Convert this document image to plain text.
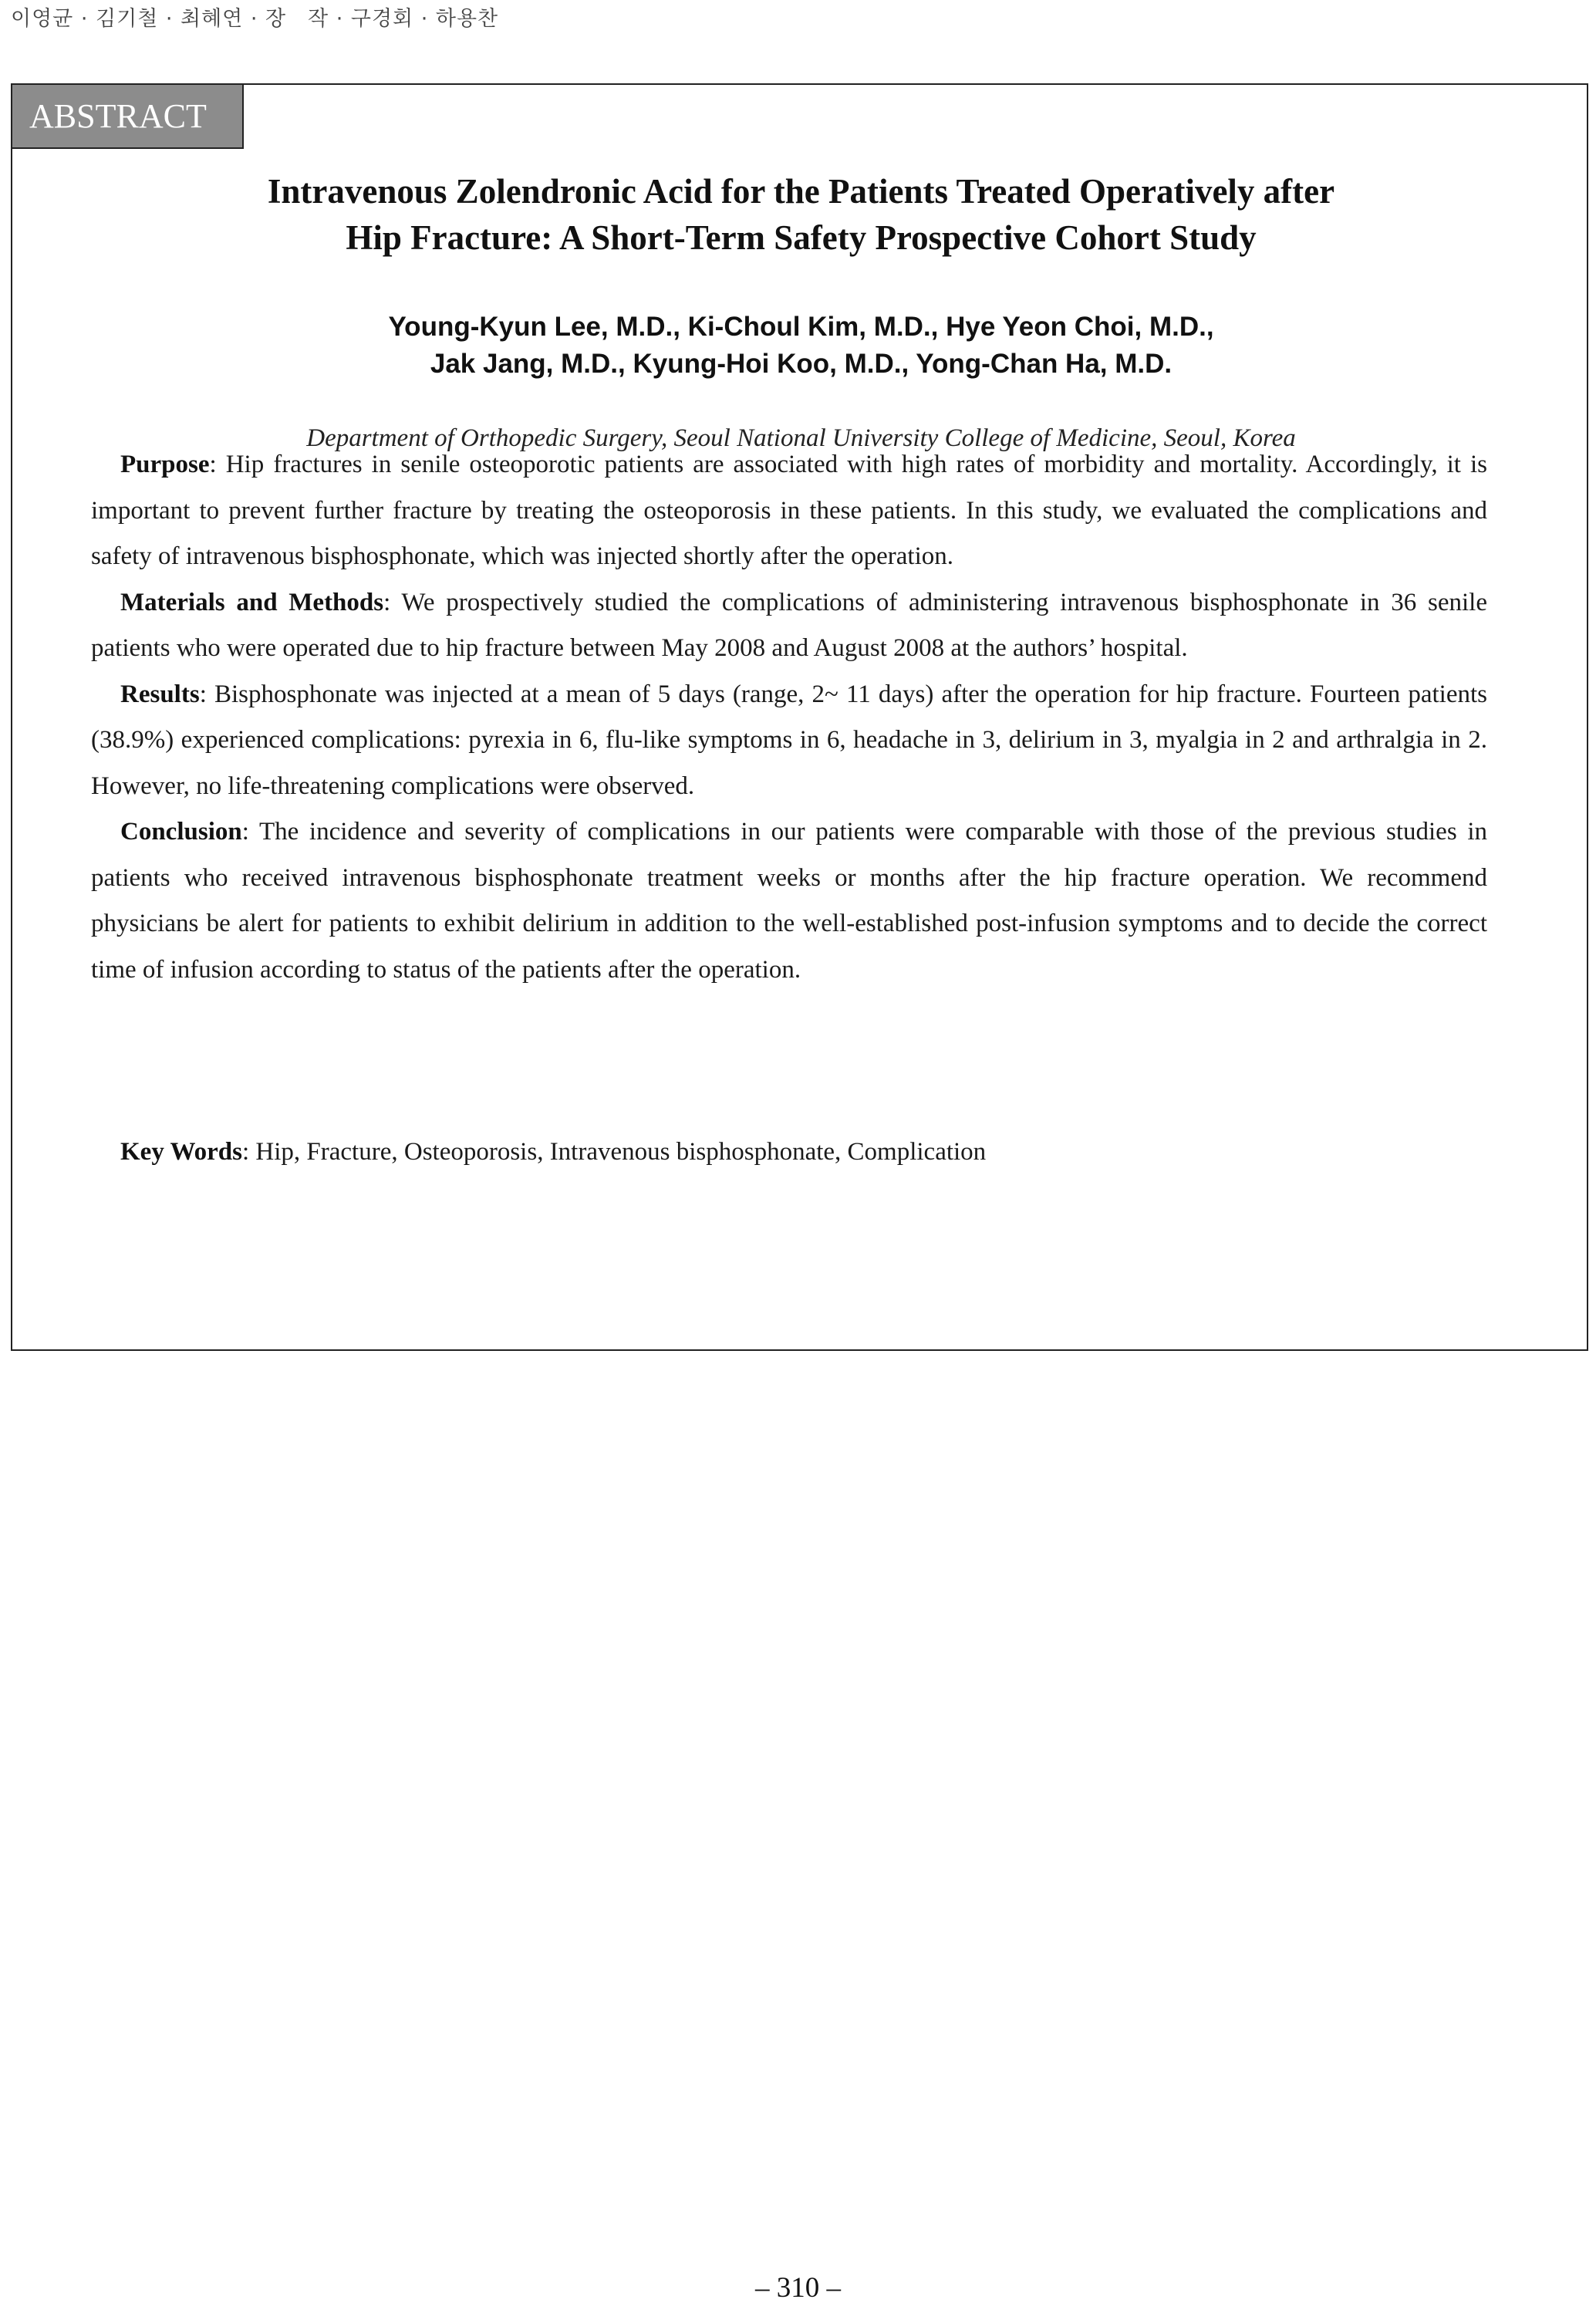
이영균 · 김기철 · 최혜연 · 장　작 · 구경회 · 하용찬
ABSTRACT
Intravenous Zolendronic Acid for the Patients Treated Operatively after
Hip Fracture: A Short-Term Safety Prospective Cohort Study
Young-Kyun Lee, M.D., Ki-Choul Kim, M.D., Hye Yeon Choi, M.D.,
Jak Jang, M.D., Kyung-Hoi Koo, M.D., Yong-Chan Ha, M.D.
Department of Orthopedic Surgery, Seoul National University College of Medicine, Seoul, Korea

Purpose: Hip fractures in senile osteoporotic patients are associated with high rates of morbidity and mortality. Accordingly, it is important to prevent further fracture by treating the osteoporosis in these patients. In this study, we evaluated the complications and safety of intravenous bisphosphonate, which was injected shortly after the operation.

Materials and Methods: We prospectively studied the complications of administering intravenous bisphosphonate in 36 senile patients who were operated due to hip fracture between May 2008 and August 2008 at the authors’ hospital.

Results: Bisphosphonate was injected at a mean of 5 days (range, 2~ 11 days) after the operation for hip fracture. Fourteen patients (38.9%) experienced complications: pyrexia in 6, flu-like symptoms in 6, headache in 3, delirium in 3, myalgia in 2 and arthralgia in 2. However, no life-threatening complications were observed.

Conclusion: The incidence and severity of complications in our patients were comparable with those of the previous studies in patients who received intravenous bisphosphonate treatment weeks or months after the hip fracture operation. We recommend physicians be alert for patients to exhibit delirium in addition to the well-established post-infusion symptoms and to decide the correct time of infusion according to status of the patients after the operation.

Key Words: Hip, Fracture, Osteoporosis, Intravenous bisphosphonate, Complication
– 310 –
